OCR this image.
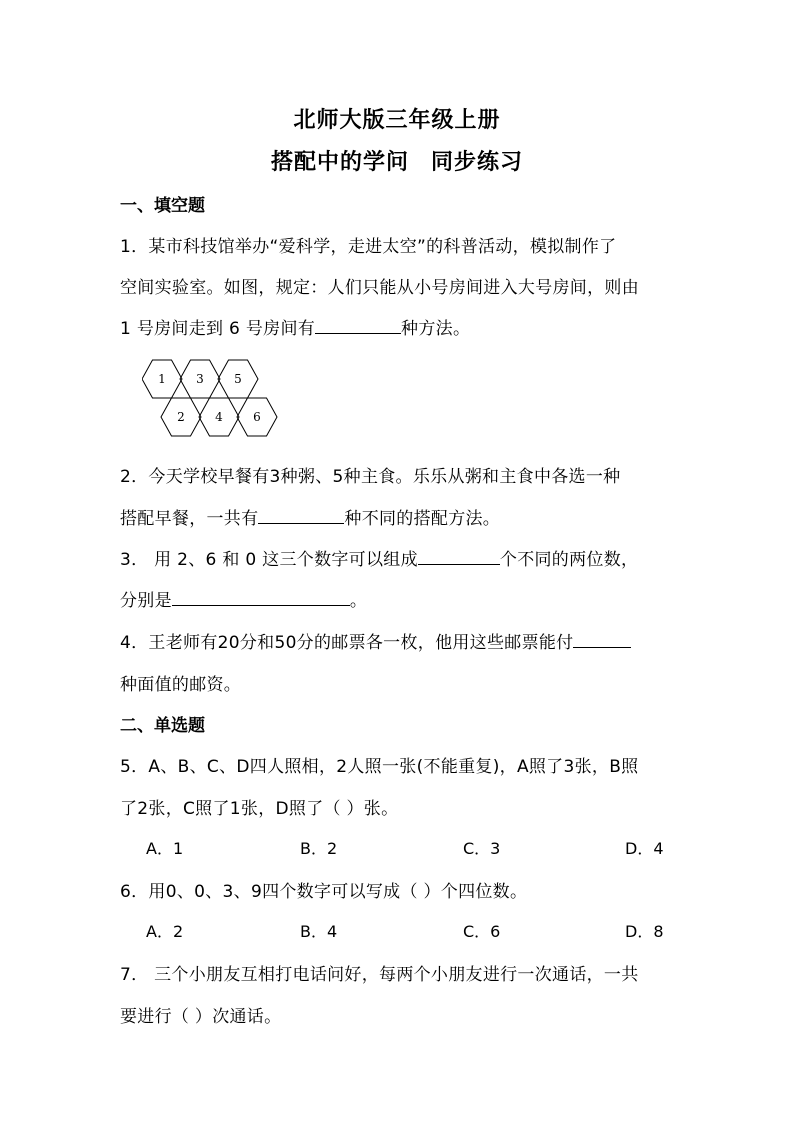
北师大版三年级上册
搭配中的学问 同步练习
一、填空题
1．某市科技馆举办“爱科学，走进太空”的科普活动，模拟制作了
空间实验室。如图，规定：人们只能从小号房间进入大号房间，则由
1 号房间走到 6 号房间有	种方法。
1	3	5
2	4	6
2．今天学校早餐有3种粥、5种主食。乐乐从粥和主食中各选一种
搭配早餐，一共有	种不同的搭配方法。
3． 用 2、6 和 0 这三个数字可以组成	个不同的两位数，
分别是	。
4．王老师有20分和50分的邮票各一枚，他用这些邮票能付
种面值的邮资。
二、单选题
5．A、B、C、D四人照相，2人照一张(不能重复)，A照了3张，B照
了2张，C照了1张，D照了（ ）张。
A．1	B．2	C．3	D．4
6．用0、0、3、9四个数字可以写成（ ）个四位数。
A．2	B．4	C．6	D．8
7． 三个小朋友互相打电话问好，每两个小朋友进行一次通话，一共
要进行（ ）次通话。
